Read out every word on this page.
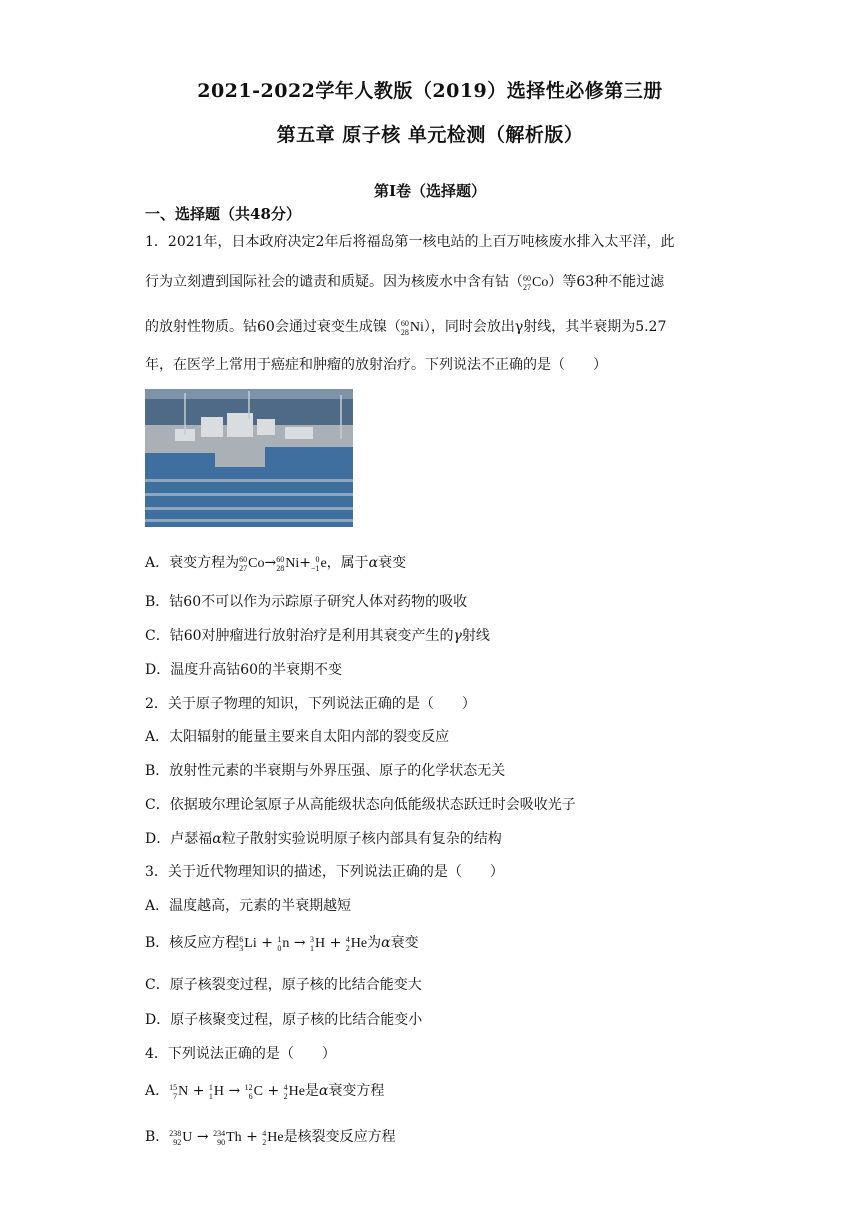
2021-2022学年人教版（2019）选择性必修第三册
第五章 原子核 单元检测（解析版）
第Ⅰ卷（选择题）
一、选择题（共48分）
1．2021年，日本政府决定2年后将福岛第一核电站的上百万吨核废水排入太平洋，此
行为立刻遭到国际社会的谴责和质疑。因为核废水中含有钴（ 60
27 Co）等63种不能过滤
的放射性物质。钴60会通过衰变生成镍（ 60
28 Ni），同时会放出γ射线，其半衰期为5.27
年，在医学上常用于癌症和肿瘤的放射治疗。下列说法不正确的是（　　）
A．衰变方程为 60
27 Co→ 60
28 Ni+ 0
−1 e，属于α衰变
B．钴60不可以作为示踪原子研究人体对药物的吸收
C．钴60对肿瘤进行放射治疗是利用其衰变产生的γ射线
D．温度升高钴60的半衰期不变
2．关于原子物理的知识，下列说法正确的是（　　）
A．太阳辐射的能量主要来自太阳内部的裂变反应
B．放射性元素的半衰期与外界压强、原子的化学状态无关
C．依据玻尔理论氢原子从高能级状态向低能级状态跃迁时会吸收光子
D．卢瑟福α粒子散射实验说明原子核内部具有复杂的结构
3．关于近代物理知识的描述，下列说法正确的是（　　）
A．温度越高，元素的半衰期越短
B．核反应方程 6
3 Li + 1
0 n → 3
1 H + 4
2 He为α衰变
C．原子核裂变过程，原子核的比结合能变大
D．原子核聚变过程，原子核的比结合能变小
4．下列说法正确的是（　　）
A． 15
7 N + 1
1 H → 12
6 C + 4
2 He是α衰变方程
B． 238
92 U → 234
90 Th + 4
2 He是核裂变反应方程
